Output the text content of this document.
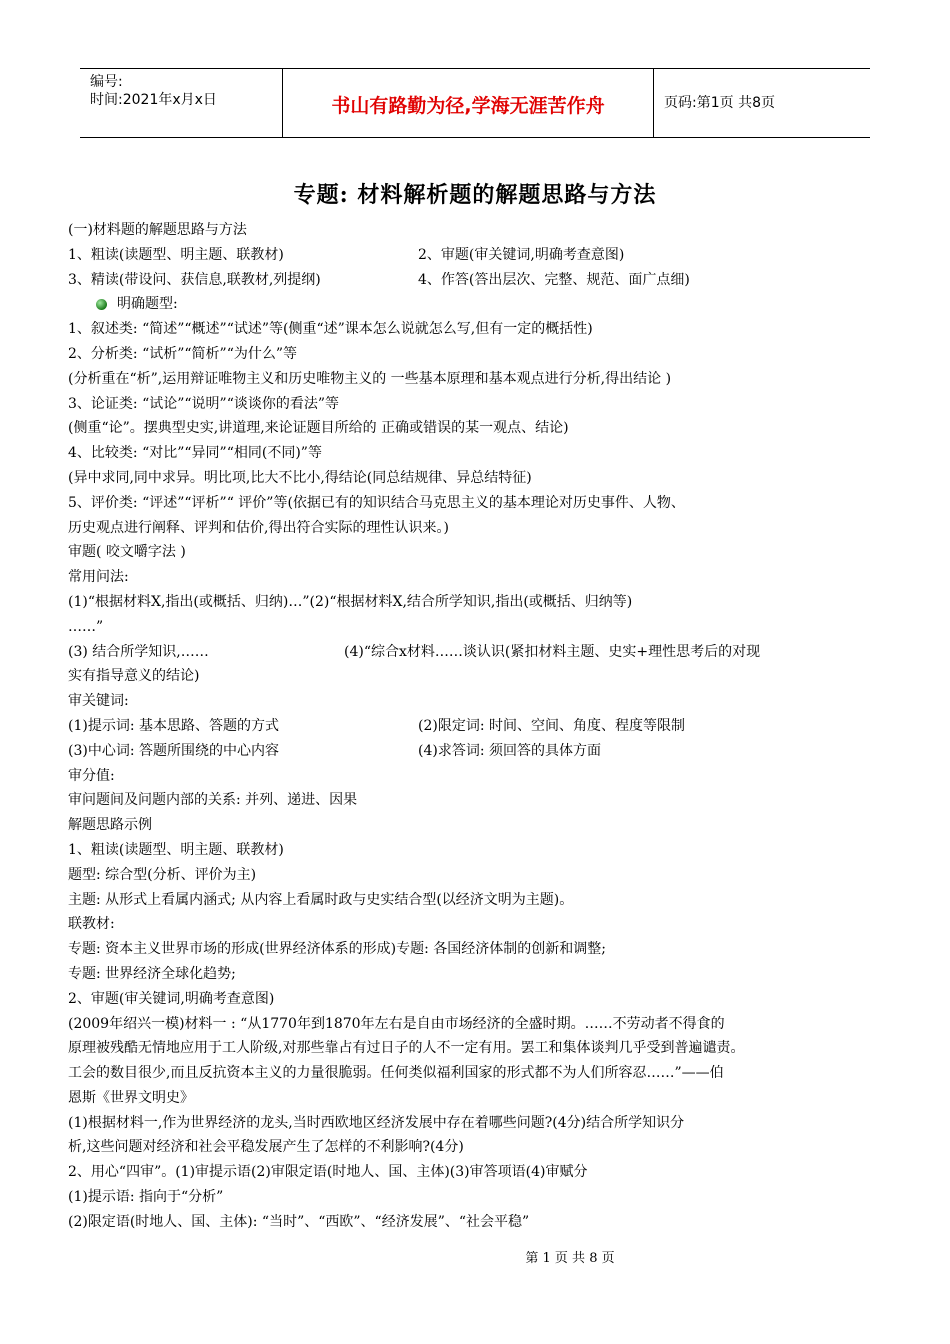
编号:
时间:2021年x月x日	书山有路勤为径,学海无涯苦作舟	页码:第1页 共8页
专题: 材料解析题的解题思路与方法
(一)材料题的解题思路与方法
1、粗读(读题型、明主题、联教材)	2、审题(审关键词,明确考查意图)
3、精读(带设问、获信息,联教材,列提纲)	4、作答(答出层次、完整、规范、面广点细)
明确题型:
1、叙述类: “简述”“概述”“试述”等(侧重“述”课本怎么说就怎么写,但有一定的概括性)
2、分析类: “试析”“简析”“为什么”等
(分析重在“析”,运用辩证唯物主义和历史唯物主义的 一些基本原理和基本观点进行分析,得出结论 )
3、论证类: “试论”“说明”“谈谈你的看法”等
(侧重“论”。摆典型史实,讲道理,来论证题目所给的 正确或错误的某一观点、结论)
4、比较类: “对比”“异同”“相同(不同)”等
(异中求同,同中求异。明比项,比大不比小,得结论(同总结规律、异总结特征)
5、评价类: “评述”“评析”“ 评价”等(依据已有的知识结合马克思主义的基本理论对历史事件、人物、
历史观点进行阐释、评判和估价,得出符合实际的理性认识来。)
审题( 咬文嚼字法 )
常用问法:
(1)“根据材料X,指出(或概括、归纳)…”(2)“根据材料X,结合所学知识,指出(或概括、归纳等)
……”
(3) 结合所学知识,……	(4)“综合x材料……谈认识(紧扣材料主题、史实+理性思考后的对现
实有指导意义的结论)
审关键词:
(1)提示词: 基本思路、答题的方式	(2)限定词: 时间、空间、角度、程度等限制
(3)中心词: 答题所围绕的中心内容	(4)求答词: 须回答的具体方面
审分值:
审问题间及问题内部的关系: 并列、递进、因果
解题思路示例
1、粗读(读题型、明主题、联教材)
题型: 综合型(分析、评价为主)
主题: 从形式上看属内涵式; 从内容上看属时政与史实结合型(以经济文明为主题)。
联教材:
专题: 资本主义世界市场的形成(世界经济体系的形成)专题: 各国经济体制的创新和调整;
专题: 世界经济全球化趋势;
2、审题(审关键词,明确考查意图)
(2009年绍兴一模)材料一 : “从1770年到1870年左右是自由市场经济的全盛时期。……不劳动者不得食的
原理被残酷无情地应用于工人阶级,对那些靠占有过日子的人不一定有用。罢工和集体谈判几乎受到普遍谴责。
工会的数目很少,而且反抗资本主义的力量很脆弱。任何类似福利国家的形式都不为人们所容忍……”——伯
恩斯《世界文明史》
(1)根据材料一,作为世界经济的龙头,当时西欧地区经济发展中存在着哪些问题?(4分)结合所学知识分
析,这些问题对经济和社会平稳发展产生了怎样的不利影响?(4分)
2、用心“四审”。(1)审提示语(2)审限定语(时地人、国、主体)(3)审答项语(4)审赋分
(1)提示语: 指向于“分析”
(2)限定语(时地人、国、主体): “当时”、“西欧”、“经济发展”、“社会平稳”
第 1 页 共 8 页
